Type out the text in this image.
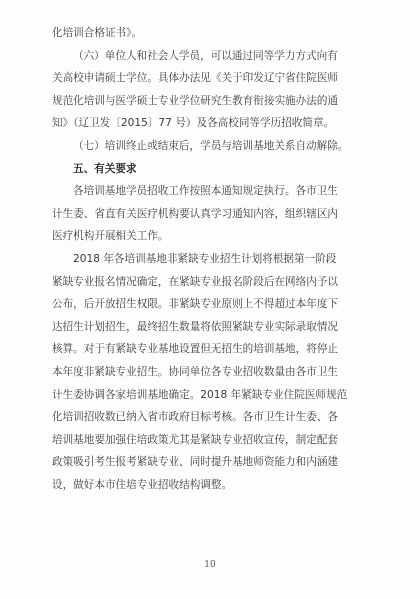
化培训合格证书》。
（六）单位人和社会人学员，可以通过同等学力方式向有
关高校申请硕士学位。具体办法见《关于印发辽宁省住院医师
规范化培训与医学硕士专业学位研究生教育衔接实施办法的通
知》（辽卫发〔2015〕77 号）及各高校同等学历招收简章。
（七）培训终止或结束后，学员与培训基地关系自动解除。
五、有关要求
各培训基地学员招收工作按照本通知规定执行。各市卫生
计生委、省直有关医疗机构要认真学习通知内容，组织辖区内
医疗机构开展相关工作。
2018 年各培训基地非紧缺专业招生计划将根据第一阶段
紧缺专业报名情况确定，在紧缺专业报名阶段后在网络内予以
公布，后开放招生权限。非紧缺专业原则上不得超过本年度下
达招生计划招生，最终招生数量将依照紧缺专业实际录取情况
核算。对于有紧缺专业基地设置但无招生的培训基地，将停止
本年度非紧缺专业招生。协同单位各专业招收数量由各市卫生
计生委协调各家培训基地确定。2018 年紧缺专业住院医师规范
化培训招收数已纳入省市政府目标考核。各市卫生计生委、各
培训基地要加强住培政策尤其是紧缺专业招收宣传，制定配套
政策吸引考生报考紧缺专业、同时提升基地师资能力和内涵建
设，做好本市住培专业招收结构调整。
10
